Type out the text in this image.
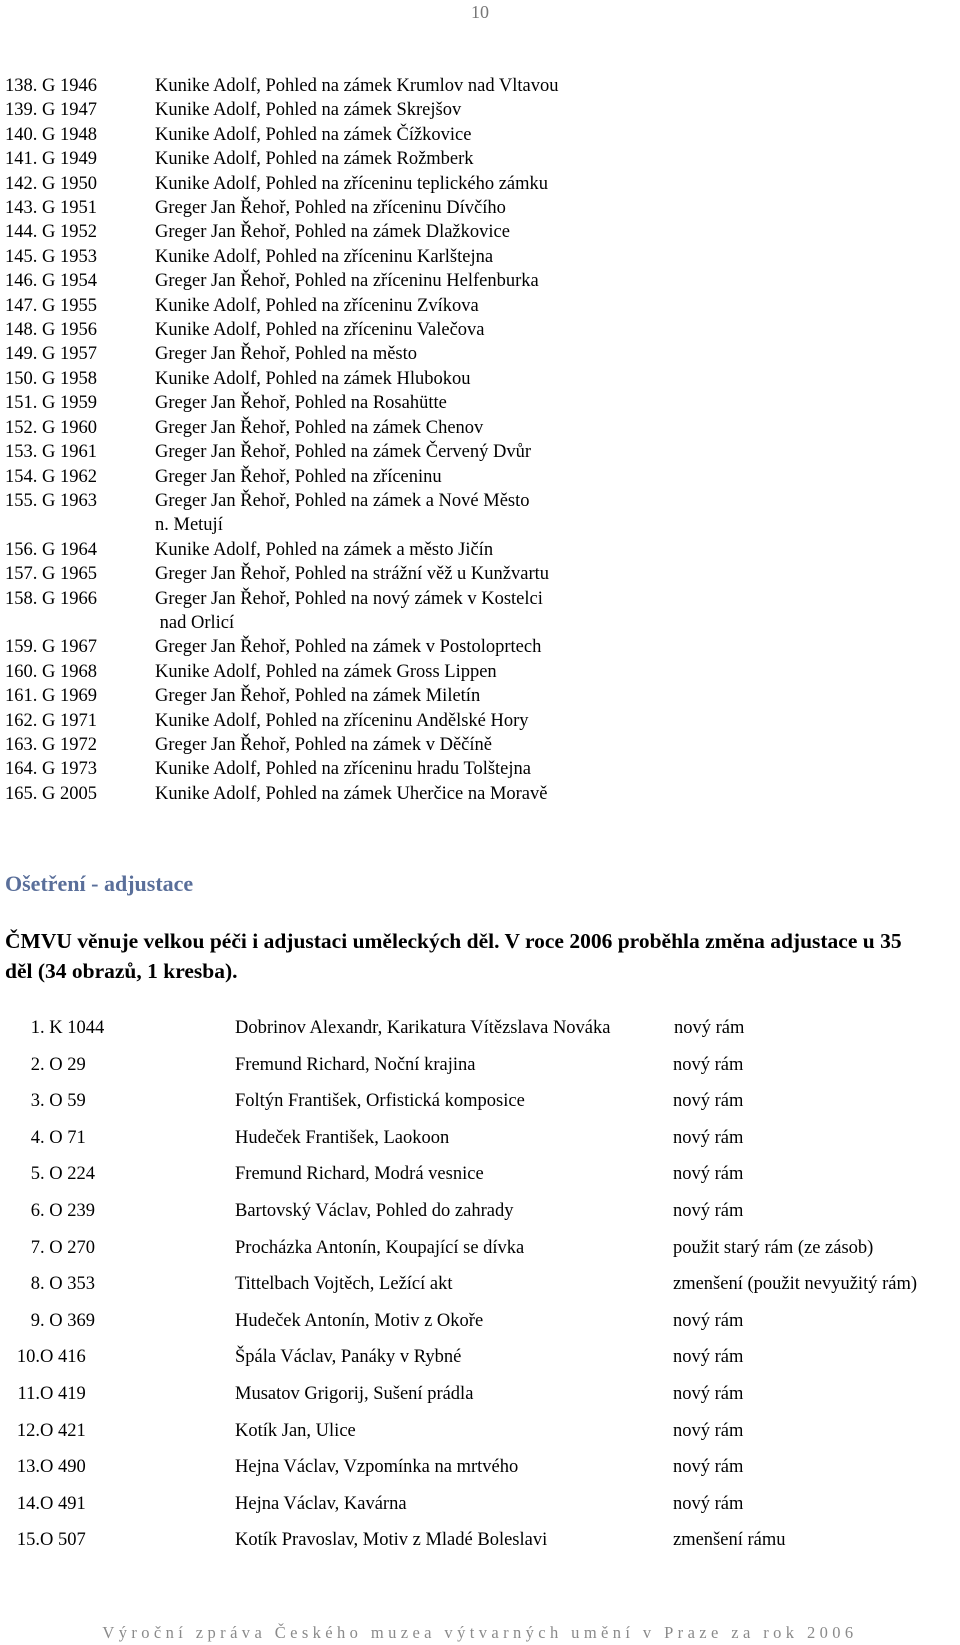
10
138. G 1946	Kunike Adolf, Pohled na zámek Krumlov nad Vltavou
139. G 1947	Kunike Adolf, Pohled na zámek Skrejšov
140. G 1948	Kunike Adolf, Pohled na zámek Čížkovice
141. G 1949	Kunike Adolf, Pohled na zámek Rožmberk
142. G 1950	Kunike Adolf, Pohled na zříceninu teplického zámku
143. G 1951	Greger Jan Řehoř, Pohled na zříceninu Dívčího
144. G 1952	Greger Jan Řehoř, Pohled na zámek Dlažkovice
145. G 1953	Kunike Adolf, Pohled na zříceninu Karlštejna
146. G 1954	Greger Jan Řehoř, Pohled na zříceninu Helfenburka
147. G 1955	Kunike Adolf, Pohled na zříceninu Zvíkova
148. G 1956	Kunike Adolf, Pohled na zříceninu Valečova
149. G 1957	Greger Jan Řehoř, Pohled na město
150. G 1958	Kunike Adolf, Pohled na zámek Hlubokou
151. G 1959	Greger Jan Řehoř, Pohled na Rosahütte
152. G 1960	Greger Jan Řehoř, Pohled na zámek Chenov
153. G 1961	Greger Jan Řehoř, Pohled na zámek Červený Dvůr
154. G 1962	Greger Jan Řehoř, Pohled na zříceninu
155. G 1963	Greger Jan Řehoř, Pohled na zámek a Nové Město
n. Metují
156. G 1964	Kunike Adolf, Pohled na zámek a město Jičín
157. G 1965	Greger Jan Řehoř, Pohled na strážní věž u Kunžvartu
158. G 1966	Greger Jan Řehoř, Pohled na nový zámek v Kostelci
nad Orlicí
159. G 1967	Greger Jan Řehoř, Pohled na zámek v Postoloprtech
160. G 1968	Kunike Adolf, Pohled na zámek Gross Lippen
161. G 1969	Greger Jan Řehoř, Pohled na zámek Miletín
162. G 1971	Kunike Adolf, Pohled na zříceninu Andělské Hory
163. G 1972	Greger Jan Řehoř, Pohled na zámek v Děčíně
164. G 1973	Kunike Adolf, Pohled na zříceninu hradu Tolštejna
165. G 2005	Kunike Adolf, Pohled na zámek Uherčice na Moravě
Ošetření - adjustace
ČMVU věnuje velkou péči i adjustaci uměleckých děl. V roce 2006 proběhla změna adjustace u 35 děl (34 obrazů, 1 kresba).
1 . K 1044	Dobrinov Alexandr, Karikatura Vítězslava Nováka	nový rám
2 . O 29	Fremund Richard, Noční krajina	nový rám
3 . O 59	Foltýn František, Orfistická komposice	nový rám
4 . O 71	Hudeček František, Laokoon	nový rám
5 . O 224	Fremund Richard, Modrá vesnice	nový rám
6 . O 239	Bartovský Václav, Pohled do zahrady	nový rám
7 . O 270	Procházka Antonín, Koupající se dívka	použit starý rám (ze zásob)
8 . O 353	Tittelbach Vojtěch, Ležící akt	zmenšení (použit nevyužitý rám)
9 . O 369	Hudeček Antonín, Motiv z Okoře	nový rám
10. O 416	Špála Václav, Panáky v Rybné	nový rám
11. O 419	Musatov Grigorij, Sušení prádla	nový rám
12. O 421	Kotík Jan, Ulice	nový rám
13. O 490	Hejna Václav, Vzpomínka na mrtvého	nový rám
14. O 491	Hejna Václav, Kavárna	nový rám
15. O 507	Kotík Pravoslav, Motiv z Mladé Boleslavi	zmenšení rámu
Výroční zpráva Českého muzea výtvarných umění v Praze za rok 2006
